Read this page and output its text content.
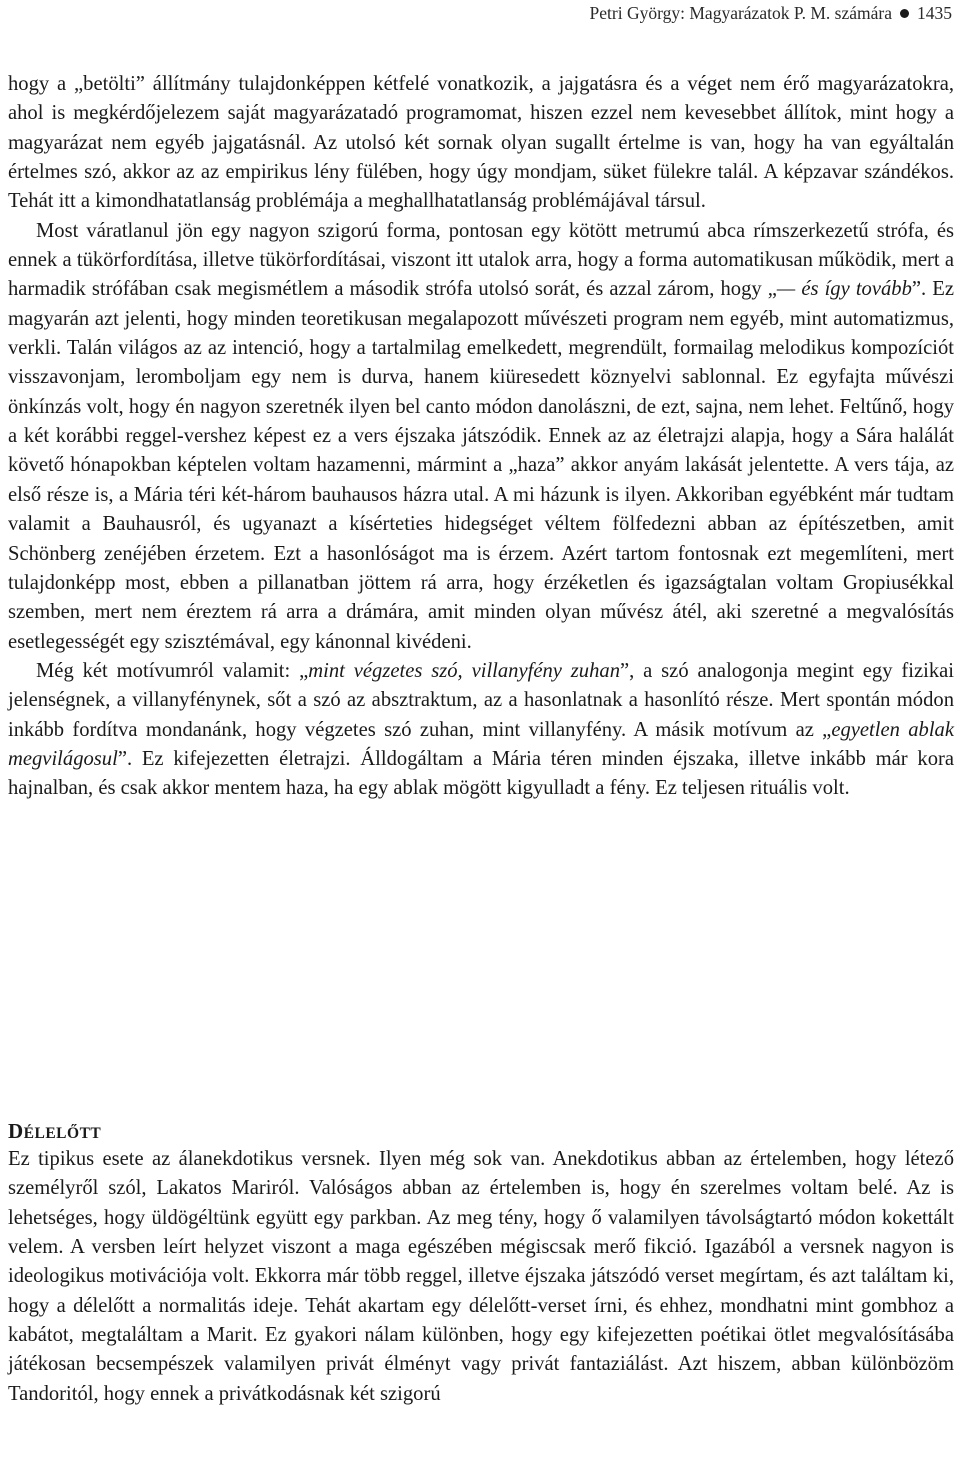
Petri György: Magyarázatok P. M. számára 1435

hogy a „betölti” állítmány tulajdonképpen kétfelé vonatkozik, a jajgatásra és a véget nem érő magyarázatokra, ahol is megkérdőjelezem saját magyarázatadó programomat, hiszen ezzel nem kevesebbet állítok, mint hogy a magyarázat nem egyéb jajgatásnál. Az utolsó két sornak olyan sugallt értelme is van, hogy ha van egyáltalán értelmes szó, akkor az az empirikus lény fülében, hogy úgy mondjam, süket fülekre talál. A képzavar szándékos. Tehát itt a kimondhatatlanság problémája a meghallhatatlanság problémájával társul.

Most váratlanul jön egy nagyon szigorú forma, pontosan egy kötött metrumú abca rímszerkezetű strófa, és ennek a tükörfordítása, illetve tükörfordításai, viszont itt utalok arra, hogy a forma automatikusan működik, mert a harmadik strófában csak megismétlem a második strófa utolsó sorát, és azzal zárom, hogy „— és így tovább”. Ez magyarán azt jelenti, hogy minden teoretikusan megalapozott művészeti program nem egyéb, mint automatizmus, verkli. Talán világos az az intenció, hogy a tartalmilag emelkedett, megrendült, formailag melodikus kompozíciót visszavonjam, leromboljam egy nem is durva, hanem kiüresedett köznyelvi sablonnal. Ez egyfajta művészi önkínzás volt, hogy én nagyon szeretnék ilyen bel canto módon danolászni, de ezt, sajna, nem lehet. Feltűnő, hogy a két korábbi reggel-vershez képest ez a vers éjszaka játszódik. Ennek az az életrajzi alapja, hogy a Sára halálát követő hónapokban képtelen voltam hazamenni, mármint a „haza” akkor anyám lakását jelentette. A vers tája, az első része is, a Mária téri két-három bauhausos házra utal. A mi házunk is ilyen. Akkoriban egyébként már tudtam valamit a Bauhausról, és ugyanazt a kísérteties hidegséget véltem fölfedezni abban az építészetben, amit Schönberg zenéjében érzetem. Ezt a hasonlóságot ma is érzem. Azért tartom fontosnak ezt megemlíteni, mert tulajdonképp most, ebben a pillanatban jöttem rá arra, hogy érzéketlen és igazságtalan voltam Gropiusékkal szemben, mert nem éreztem rá arra a drámára, amit minden olyan művész átél, aki szeretné a megvalósítás esetlegességét egy szisztémával, egy kánonnal kivédeni.

Még két motívumról valamit: „mint végzetes szó, villanyfény zuhan”, a szó analogonja megint egy fizikai jelenségnek, a villanyfénynek, sőt a szó az absztraktum, az a hasonlatnak a hasonlító része. Mert spontán módon inkább fordítva mondanánk, hogy végzetes szó zuhan, mint villanyfény. A másik motívum az „egyetlen ablak megvilágosul”. Ez kifejezetten életrajzi. Álldogáltam a Mária téren minden éjszaka, illetve inkább már kora hajnalban, és csak akkor mentem haza, ha egy ablak mögött kigyulladt a fény. Ez teljesen rituális volt.

DÉLELŐTT

Ez tipikus esete az álanekdotikus versnek. Ilyen még sok van. Anekdotikus abban az értelemben, hogy létező személyről szól, Lakatos Mariról. Valóságos abban az értelemben is, hogy én szerelmes voltam belé. Az is lehetséges, hogy üldögéltünk együtt egy parkban. Az meg tény, hogy ő valamilyen távolságtartó módon kokettált velem. A versben leírt helyzet viszont a maga egészében mégiscsak merő fikció. Igazából a versnek nagyon is ideologikus motivációja volt. Ekkorra már több reggel, illetve éjszaka játszódó verset megírtam, és azt találtam ki, hogy a délelőtt a normalitás ideje. Tehát akartam egy délelőtt-verset írni, és ehhez, mondhatni mint gombhoz a kabátot, megtaláltam a Marit. Ez gyakori nálam különben, hogy egy kifejezetten poétikai ötlet megvalósításába játékosan becsempészek valamilyen privát élményt vagy privát fantaziálást. Azt hiszem, abban különbözöm Tandoritól, hogy ennek a privátkodásnak két szigorú
